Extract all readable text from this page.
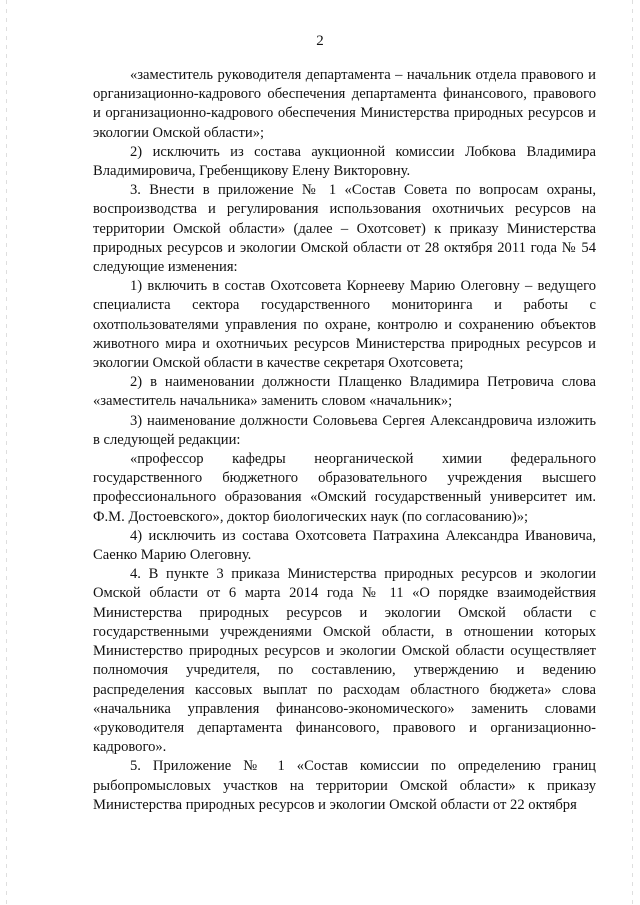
2

«заместитель руководителя департамента – начальник отдела правового и организационно-кадрового обеспечения департамента финансового, правового и организационно-кадрового обеспечения Министерства природных ресурсов и экологии Омской области»;

2) исключить из состава аукционной комиссии Лобкова Владимира Владимировича, Гребенщикову Елену Викторовну.

3. Внести в приложение № 1 «Состав Совета по вопросам охраны, воспроизводства и регулирования использования охотничьих ресурсов на территории Омской области» (далее – Охотсовет) к приказу Министерства природных ресурсов и экологии Омской области от 28 октября 2011 года № 54 следующие изменения:

1) включить в состав Охотсовета Корнееву Марию Олеговну – ведущего специалиста сектора государственного мониторинга и работы с охотпользователями управления по охране, контролю и сохранению объектов животного мира и охотничьих ресурсов Министерства природных ресурсов и экологии Омской области в качестве секретаря Охотсовета;

2) в наименовании должности Плащенко Владимира Петровича слова «заместитель начальника» заменить словом «начальник»;

3) наименование должности Соловьева Сергея Александровича изложить в следующей редакции:

«профессор кафедры неорганической химии федерального государственного бюджетного образовательного учреждения высшего профессионального образования «Омский государственный университет им. Ф.М. Достоевского», доктор биологических наук (по согласованию)»;

4) исключить из состава Охотсовета Патрахина Александра Ивановича, Саенко Марию Олеговну.

4. В пункте 3 приказа Министерства природных ресурсов и экологии Омской области от 6 марта 2014 года № 11 «О порядке взаимодействия Министерства природных ресурсов и экологии Омской области с государственными учреждениями Омской области, в отношении которых Министерство природных ресурсов и экологии Омской области осуществляет полномочия учредителя, по составлению, утверждению и ведению распределения кассовых выплат по расходам областного бюджета» слова «начальника управления финансово-экономического» заменить словами «руководителя департамента финансового, правового и организационно-кадрового».

5. Приложение № 1 «Состав комиссии по определению границ рыбопромысловых участков на территории Омской области» к приказу Министерства природных ресурсов и экологии Омской области от 22 октября
